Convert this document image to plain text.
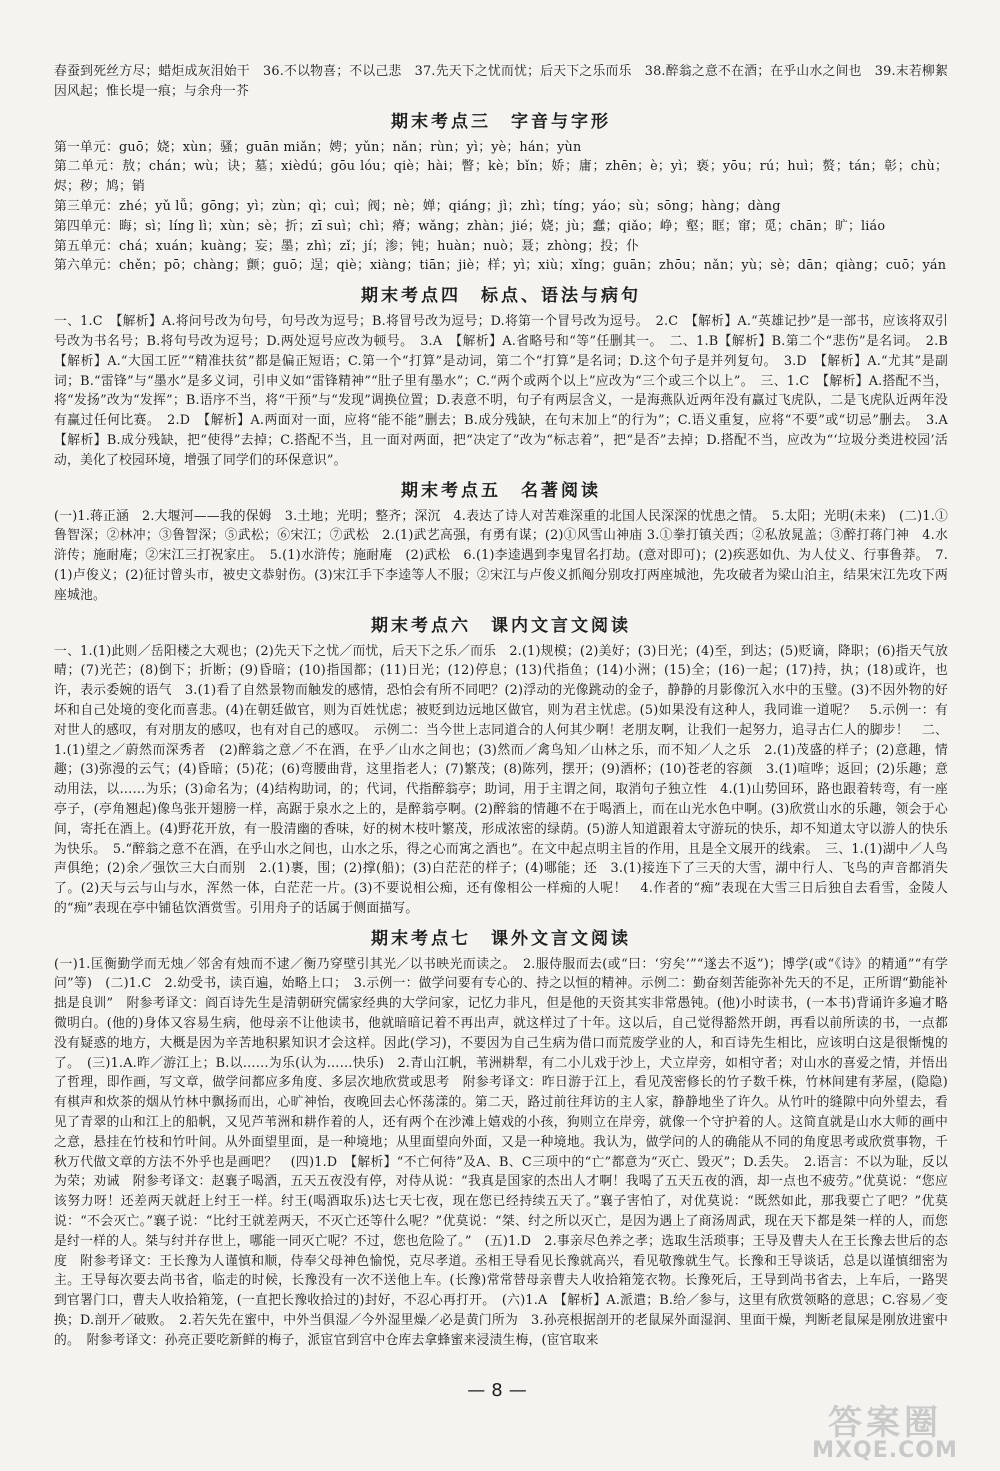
春蚕到死丝方尽；蜡炬成灰泪始干　36.不以物喜；不以己悲　37.先天下之忧而忧；后天下之乐而乐　38.醉翁之意不在酒；在乎山水之间也　39.末若柳絮因风起；惟长堤一痕；与余舟一芥

期末考点三　字音与字形

第一单元：guō；娆；xùn；骚；guān miǎn；娉；yǔn；nǎn；rùn；yì；yè；hán；yùn

第二单元：敖；chán；wù；诀；墓；xièdú；gōu lóu；qiè；hài；瞥；kè；bǐn；娇；庸；zhēn；è；yì；亵；yōu；rú；huì；赘；tán；彰；chù；烬；秽；鸠；销

第三单元：zhé；yǔ lǚ；gōng；yì；zùn；qì；cuì；阀；nè；婵；qiáng；jì；zhì；tíng；yáo；sù；sōng；hàng；dàng

第四单元：晦；sì；líng lì；xùn；sè；折；zī suì；chì；瘠；wǎng；zhàn；jié；娆；jù；蠢；qiǎo；峥；壑；眶；窜；觅；chān；旷；liáo

第五单元：chá；xuán；kuàng；妄；墨；zhì；zǐ；jí；渗；钝；huàn；nuò；聂；zhòng；投；仆

第六单元：chěn；pō；chàng；颤；guō；逞；qiè；xiàng；tiān；jiè；样；yì；xiù；xǐng；guān；zhōu；nǎn；yù；sè；dān；qiàng；cuō；yán

期末考点四　标点、语法与病句

一、1.C　【解析】A.将问号改为句号，句号改为逗号；B.将冒号改为逗号；D.将第一个冒号改为逗号。　2.C　【解析】A.“英雄记抄”是一部书，应该将双引号改为书名号；B.将句号改为逗号；D.两处逗号应改为顿号。　3.A　【解析】A.省略号和“等”任删其一。　二、1.B【解析】B.第二个“悲伤”是名词。　2.B【解析】A.“大国工匠”“精准扶贫”都是偏正短语；C.第一个“打算”是动词，第二个“打算”是名词；D.这个句子是并列复句。　3.D　【解析】A.“尤其”是副词；B.“雷锋”与“墨水”是多义词，引申义如“雷锋精神”“肚子里有墨水”；C.“两个或两个以上”应改为“三个或三个以上”。　三、1.C　【解析】A.搭配不当，将“发扬”改为“发挥”；B.语序不当，将“干预”与“发现”调换位置；D.表意不明，句子有两层含义，一是海燕队近两年没有赢过飞虎队，二是飞虎队近两年没有赢过任何比赛。　2.D　【解析】A.两面对一面，应将“能不能”删去；B.成分残缺，在句末加上“的行为”；C.语义重复，应将“不要”或“切忌”删去。　3.A　【解析】B.成分残缺，把“使得”去掉；C.搭配不当，且一面对两面，把“决定了”改为“标志着”，把“是否”去掉；D.搭配不当，应改为“‘垃圾分类进校园’活动，美化了校园环境，增强了同学们的环保意识”。

期末考点五　名著阅读

(一)1.蒋正涵　2.大堰河——我的保姆　3.土地；光明；整齐；深沉　4.表达了诗人对苦难深重的北国人民深深的忧患之情。　5.太阳；光明(未来)　(二)1.①鲁智深；②林冲；③鲁智深；⑤武松；⑥宋江；⑦武松　2.(1)武艺高强，有勇有谋；(2)①风雪山神庙 3.①拳打镇关西；②私放晁盖；③醉打蒋门神　4.水浒传；施耐庵；②宋江三打祝家庄。　5.(1)水浒传；施耐庵　(2)武松　6.(1)李逵遇到李鬼冒名打劫。(意对即可)；(2)疾恶如仇、为人仗义、行事鲁莽。　7.(1)卢俊义；(2)征讨曾头市，被史文恭射伤。(3)宋江手下李逵等人不服；②宋江与卢俊义抓阄分别攻打两座城池，先攻破者为梁山泊主，结果宋江先攻下两座城池。

期末考点六　课内文言文阅读

一、1.(1)此则／岳阳楼之大观也；(2)先天下之忧／而忧，后天下之乐／而乐　2.(1)规模；(2)美好；(3)日光；(4)至，到达；(5)贬谪，降职；(6)指天气放晴；(7)光芒；(8)倒下；折断；(9)昏暗；(10)指国都；(11)日光；(12)停息；(13)代指鱼；(14)小洲；(15)全；(16)一起；(17)持，执；(18)或许，也许，表示委婉的语气　3.(1)看了自然景物而触发的感情，恐怕会有所不同吧？(2)浮动的光像跳动的金子，静静的月影像沉入水中的玉璧。(3)不因外物的好坏和自己处境的变化而喜悲。(4)在朝廷做官，则为百姓忧虑；被贬到边远地区做官，则为君主忧虑。(5)如果没有这种人，我同谁一道呢？　5.示例一：有对世人的感叹，有对朋友的感叹，也有对自己的感叹。　示例二：当今世上志同道合的人何其少啊！老朋友啊，让我们一起努力，追寻古仁人的脚步！　二、1.(1)望之／蔚然而深秀者　(2)醉翁之意／不在酒，在乎／山水之间也；(3)然而／禽鸟知／山林之乐，而不知／人之乐　2.(1)茂盛的样子；(2)意趣，情趣；(3)弥漫的云气；(4)昏暗；(5)花；(6)弯腰曲背，这里指老人；(7)繁茂；(8)陈列，摆开；(9)酒杯；(10)苍老的容颜　3.(1)喧哗；返回；(2)乐趣；意动用法，以……为乐；(3)命名为；(4)结构助词，的；代词，代指醉翁亭；助词，用于主谓之间，取消句子独立性　4.(1)山势回环，路也跟着转弯，有一座亭子，(亭角翘起)像鸟张开翅膀一样，高踞于泉水之上的，是醉翁亭啊。(2)醉翁的情趣不在于喝酒上，而在山光水色中啊。(3)欣赏山水的乐趣，领会于心间，寄托在酒上。(4)野花开放，有一股清幽的香味，好的树木枝叶繁茂，形成浓密的绿荫。(5)游人知道跟着太守游玩的快乐，却不知道太守以游人的快乐为快乐。　5.“醉翁之意不在酒，在乎山水之间也，山水之乐，得之心而寓之酒也”。在文中起点明主旨的作用，且是全文展开的线索。　三、1.(1)湖中／人鸟声俱绝；(2)余／强饮三大白而别　2.(1)裹，围；(2)撑(船)；(3)白茫茫的样子；(4)哪能；还　3.(1)接连下了三天的大雪，湖中行人、飞鸟的声音都消失了。(2)天与云与山与水，浑然一体，白茫茫一片。(3)不要说相公痴，还有像相公一样痴的人呢！　4.作者的“痴”表现在大雪三日后独自去看雪，金陵人的“痴”表现在亭中铺毡饮酒赏雪。引用舟子的话属于侧面描写。

期末考点七　课外文言文阅读

(一)1.匡衡勤学而无烛／邻舍有烛而不逮／衡乃穿壁引其光／以书映光而读之。　2.服侍服而去(或“曰：‘穷矣’”“遂去不返”)；博学(或“《诗》的精通”“有学问”等)　(二)1.C　2.幼受书，读百遍，始略上口；　3.示例一：做学问要有专心的、持之以恒的精神。示例二：勤奋刻苦能弥补先天的不足，正所谓“勤能补拙是良训”　附参考译文：阎百诗先生是清朝研究儒家经典的大学问家，记忆力非凡，但是他的天资其实非常愚钝。(他)小时读书，(一本书)背诵许多遍才略微明白。(他的)身体又容易生病，他母亲不让他读书，他就暗暗记着不再出声，就这样过了十年。这以后，自己觉得豁然开朗，再看以前所读的书，一点都没有疑惑的地方，大概是因为辛苦地积累知识才会这样。因此(学习)，不要因为自己生病为借口而荒废学业的人，和百诗先生相比，应该明白这是很惭愧的了。　(三)1.A.昨／游江上；B.以……为乐(认为……快乐)　2.青山江帆，苇洲耕犁，有二小儿戏于沙上，犬立岸旁，如相守者；对山水的喜爱之情，并悟出了哲理，即作画，写文章，做学问都应多角度、多层次地欣赏或思考　附参考译文：昨日游于江上，看见茂密修长的竹子数千株，竹林间建有茅屋，(隐隐)有棋声和炊茶的烟从竹林中飘扬而出，心旷神怡，夜晚回去心怀荡漾的。第二天，路过前往拜访的主人家，静静地坐了许久。从竹叶的缝隙中向外望去，看见了青翠的山和江上的船帆，又见芦苇洲和耕作着的人，还有两个在沙滩上嬉戏的小孩，狗则立在岸旁，就像一个守护着的人。这简直就是山水大师的画中之意，悬挂在竹枝和竹叶间。从外面望里面，是一种境地；从里面望向外面，又是一种境地。我认为，做学问的人的确能从不同的角度思考或欣赏事物，千秋万代做文章的方法不外乎也是画吧？　(四)1.D　【解析】“不亡何待”及A、B、C三项中的“亡”都意为“灭亡、毁灭”；D.丢失。　2.语言：不以为耻，反以为荣；劝诫　附参考译文：赵襄子喝酒，五天五夜没有停，对侍从说：“我真是国家的杰出人才啊！我喝了五天五夜的酒，却一点也不疲劳。”优莫说：“您应该努力呀！还差两天就赶上纣王一样。纣王(喝酒取乐)达七天七夜，现在您已经持续五天了。”襄子害怕了，对优莫说：“既然如此，那我要亡了吧？”优莫说：“不会灭亡。”襄子说：“比纣王就差两天，不灭亡还等什么呢？”优莫说：“桀、纣之所以灭亡，是因为遇上了商汤周武，现在天下都是桀一样的人，而您是纣一样的人。桀与纣并存世上，哪能一同灭亡呢？不过，您也危险了。”　(五)1.D　2.事亲尽色养之孝；选取生活琐事；王导及曹夫人在王长豫去世后的态度　附参考译文：王长豫为人谨慎和顺，侍奉父母神色愉悦，克尽孝道。丞相王导看见长豫就高兴，看见敬豫就生气。长豫和王导谈话，总是以谨慎细密为主。王导每次要去尚书省，临走的时候，长豫没有一次不送他上车。(长豫)常常替母亲曹夫人收拾箱笼衣物。长豫死后，王导到尚书省去，上车后，一路哭到官署门口，曹夫人收拾箱笼，(一直把长豫收拾过的)封好，不忍心再打开。　(六)1.A　【解析】A.派遣；B.给／参与，这里有欣赏领略的意思；C.容易／变换；D.剖开／破败。　2.若矢先在蜜中，中外当俱湿／今外湿里燥／必是黄门所为　3.孙亮根据剖开的老鼠屎外面湿润、里面干燥，判断老鼠屎是刚放进蜜中的。　附参考译文：孙亮正要吃新鲜的梅子，派宦官到宫中仓库去拿蜂蜜来浸渍生梅，(宦官取来

—8—
答案圈
MXQE.COM
